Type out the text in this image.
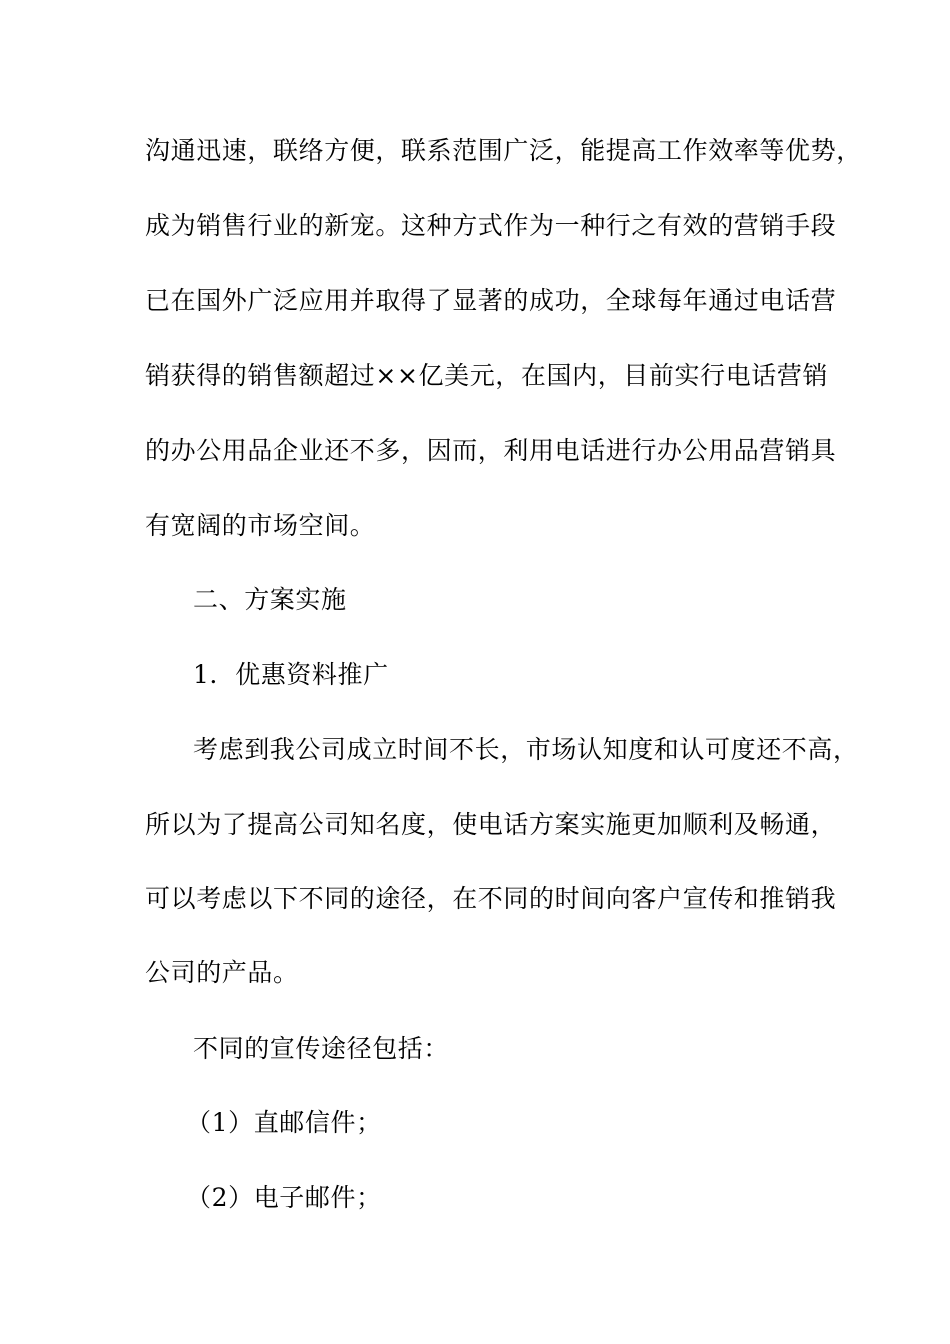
沟通迅速，联络方便，联系范围广泛，能提高工作效率等优势，
成为销售行业的新宠。这种方式作为一种行之有效的营销手段
已在国外广泛应用并取得了显著的成功，全球每年通过电话营
销获得的销售额超过××亿美元，在国内，目前实行电话营销
的办公用品企业还不多，因而，利用电话进行办公用品营销具
有宽阔的市场空间。
二、方案实施
1．优惠资料推广
考虑到我公司成立时间不长，市场认知度和认可度还不高，
所以为了提高公司知名度，使电话方案实施更加顺利及畅通，
可以考虑以下不同的途径，在不同的时间向客户宣传和推销我
公司的产品。
不同的宣传途径包括：
（1）直邮信件；
（2）电子邮件；
